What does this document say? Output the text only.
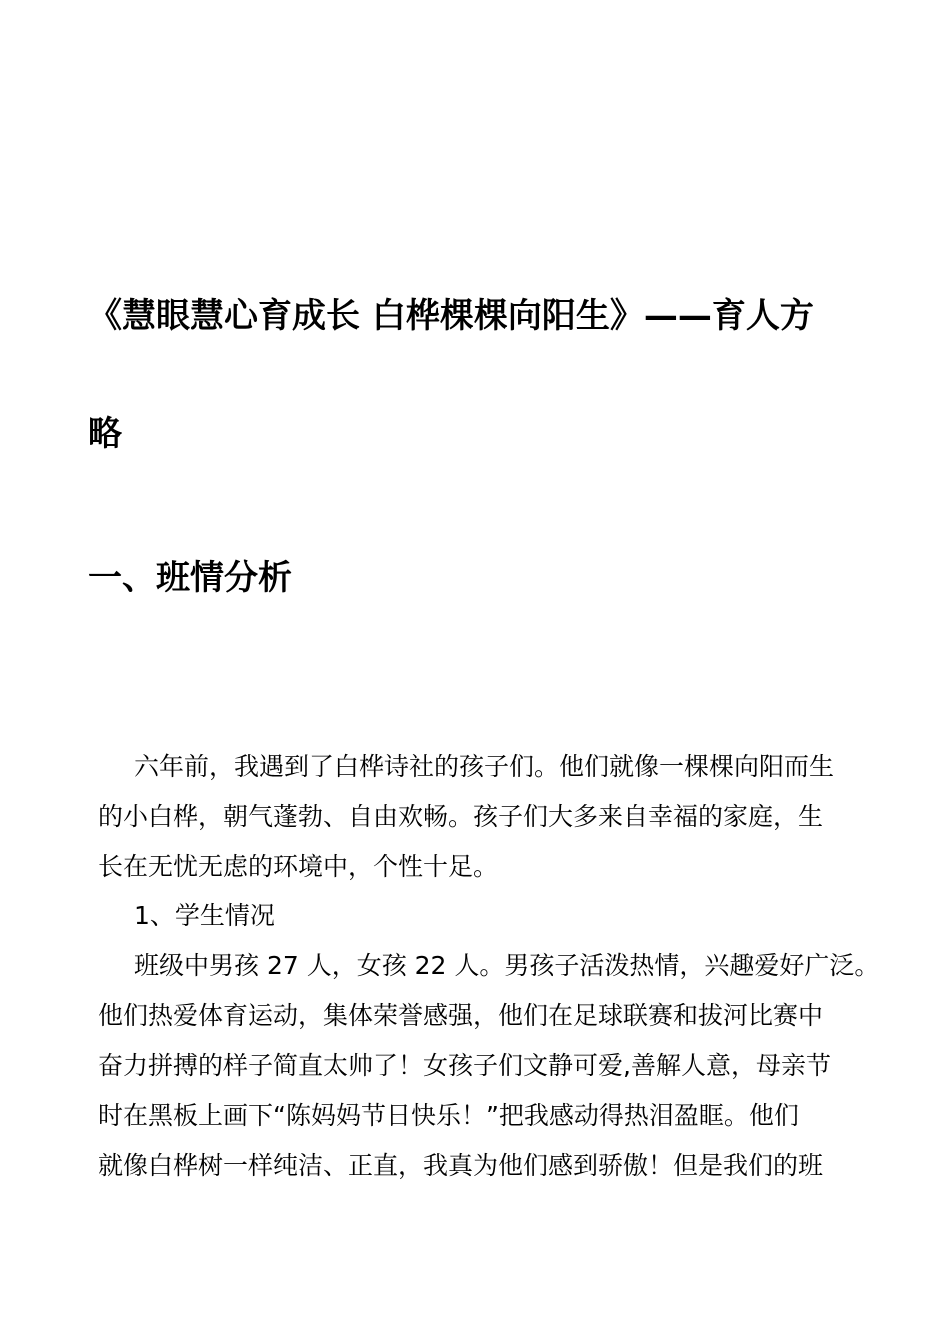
《慧眼慧心育成长 白桦棵棵向阳生》——育人方
略
一、班情分析
六年前，我遇到了白桦诗社的孩子们。他们就像一棵棵向阳而生
的小白桦，朝气蓬勃、自由欢畅。孩子们大多来自幸福的家庭，生
长在无忧无虑的环境中，个性十足。
1、学生情况
班级中男孩 27 人，女孩 22 人。男孩子活泼热情，兴趣爱好广泛。
他们热爱体育运动，集体荣誉感强，他们在足球联赛和拔河比赛中
奋力拼搏的样子简直太帅了！女孩子们文静可爱,善解人意，母亲节
时在黑板上画下“陈妈妈节日快乐！”把我感动得热泪盈眶。他们
就像白桦树一样纯洁、正直，我真为他们感到骄傲！但是我们的班
